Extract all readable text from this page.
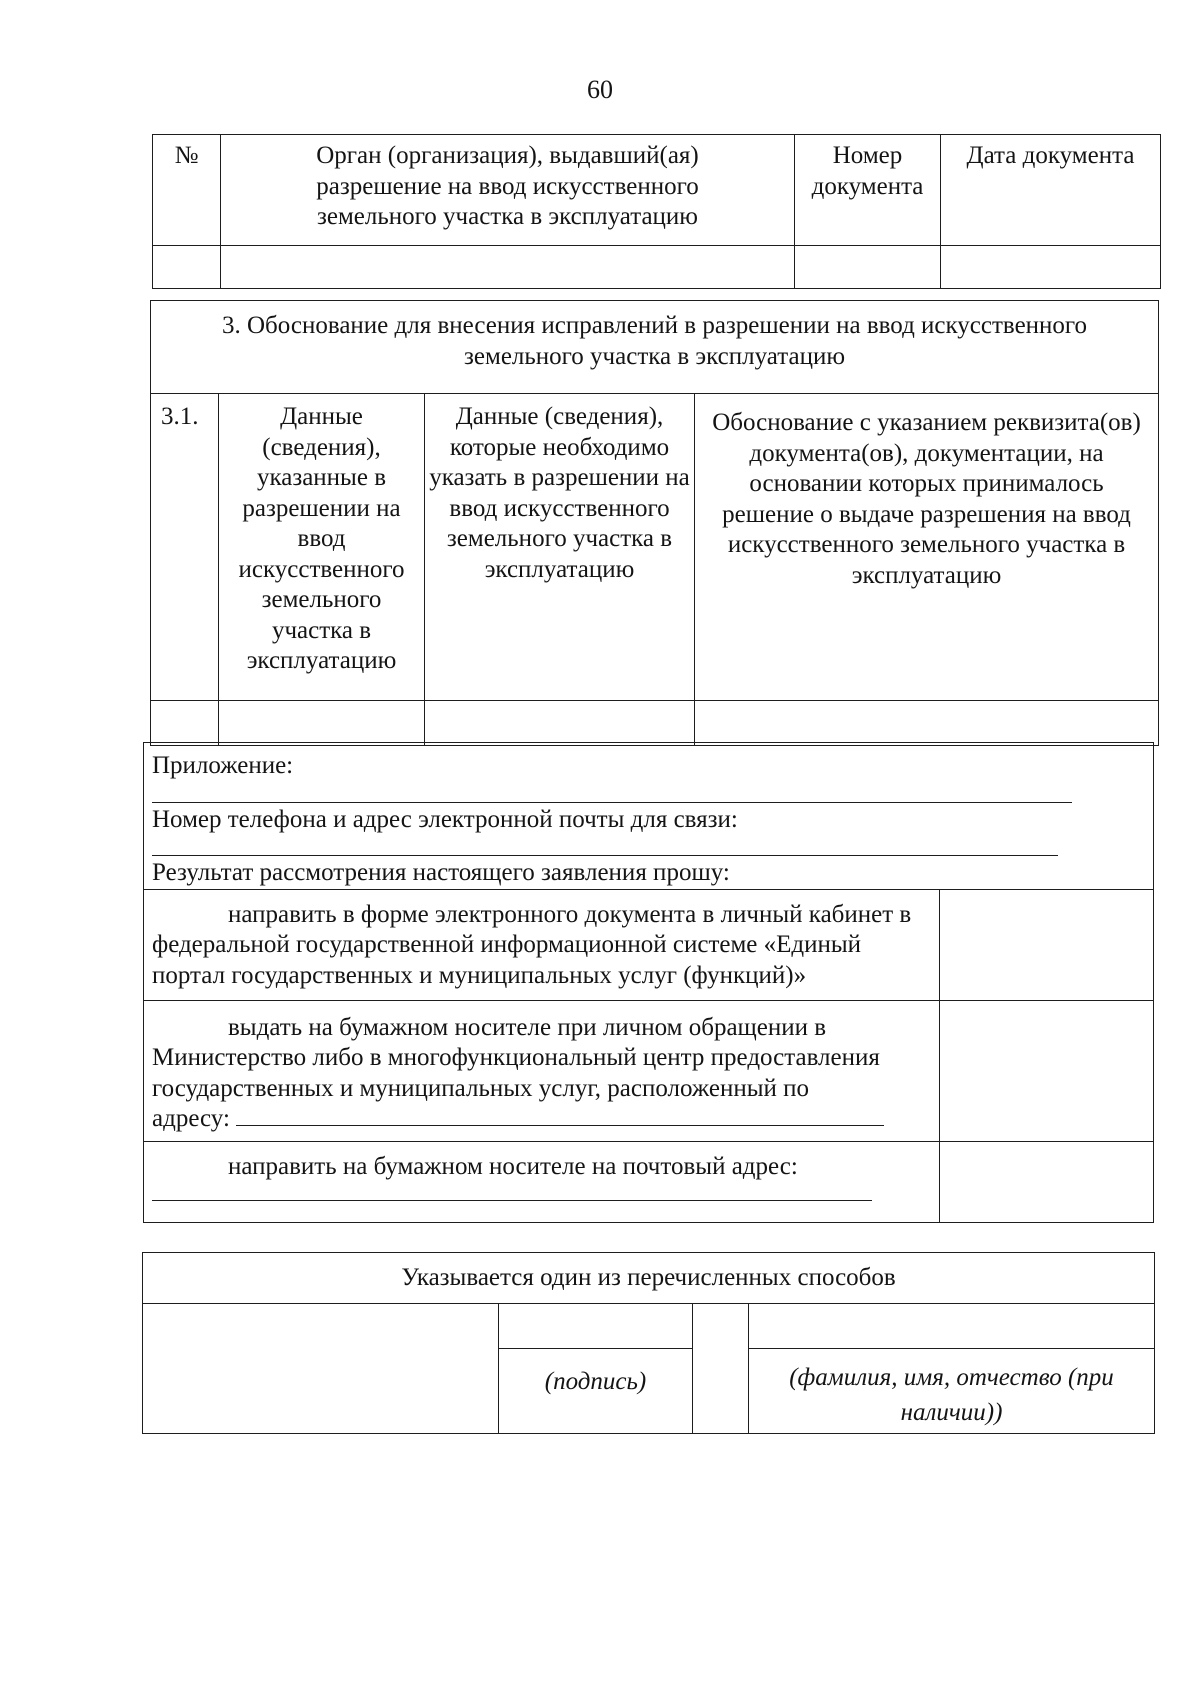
60
№	Орган (организация), выдавший(ая) разрешение на ввод искусственного земельного участка в эксплуатацию	Номер документа	Дата документа

3. Обоснование для внесения исправлений в разрешении на ввод искусственного земельного участка в эксплуатацию			

3.1.	Данные (сведения), указанные в разрешении на ввод искусственного земельного участка в эксплуатацию	Данные (сведения), которые необходимо указать в разрешении на ввод искусственного земельного участка в эксплуатацию	Обоснование с указанием реквизита(ов) документа(ов), документации, на основании которых принималось решение о выдаче разрешения на ввод искусственного земельного участка в эксплуатацию

Приложение:
Номер телефона и адрес электронной почты для связи:
Результат рассмотрения настоящего заявления прошу:	

направить в форме электронного документа в личный кабинет в федеральной государственной информационной системе «Единый портал государственных и муниципальных услуг (функций)»	

выдать на бумажном носителе при личном обращении в Министерство либо в многофункциональный центр предоставления государственных и муниципальных услуг, расположенный по
адресу:	

направить на бумажном носителе на почтовый адрес:	

Указывается один из перечисленных способов			

	(подпись)		(фамилия, имя, отчество (при наличии))
